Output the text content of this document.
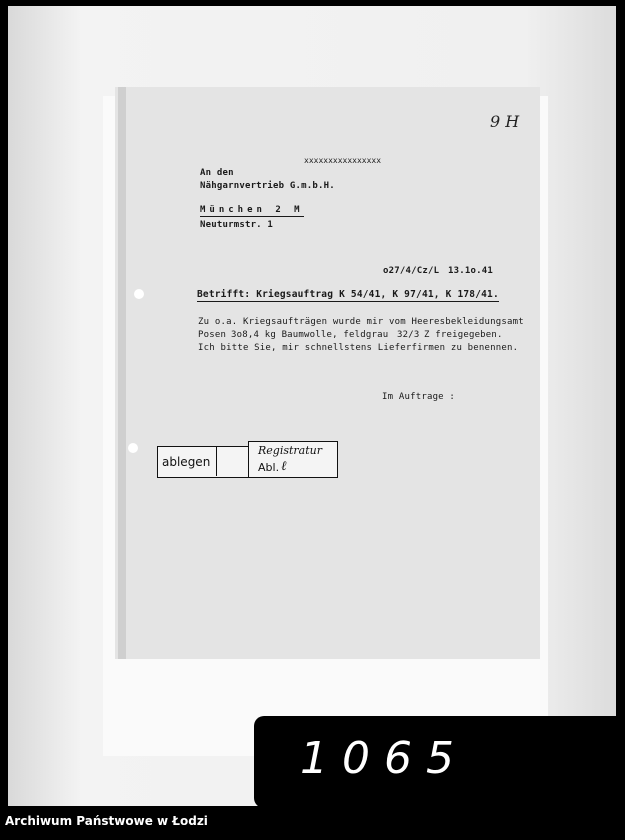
9 H
xxxxxxxxxxxxxxxx
An den
Nähgarnvertrieb G.m.b.H.
München 2 M
Neuturmstr. 1
o27/4/Cz/L 13.1o.41
Betrifft: Kriegsauftrag K 54/41, K 97/41, K 178/41.
Zu o.a. Kriegsaufträgen wurde mir vom Heeresbekleidungsamt
Posen 3o8,4 kg Baumwolle, feldgrau 32/3 Z freigegeben.
Ich bitte Sie, mir schnellstens Lieferfirmen zu benennen.
Im Auftrage :
ablegen
Registratur
Abl. ℓ
1065
Archiwum Państwowe w Łodzi
